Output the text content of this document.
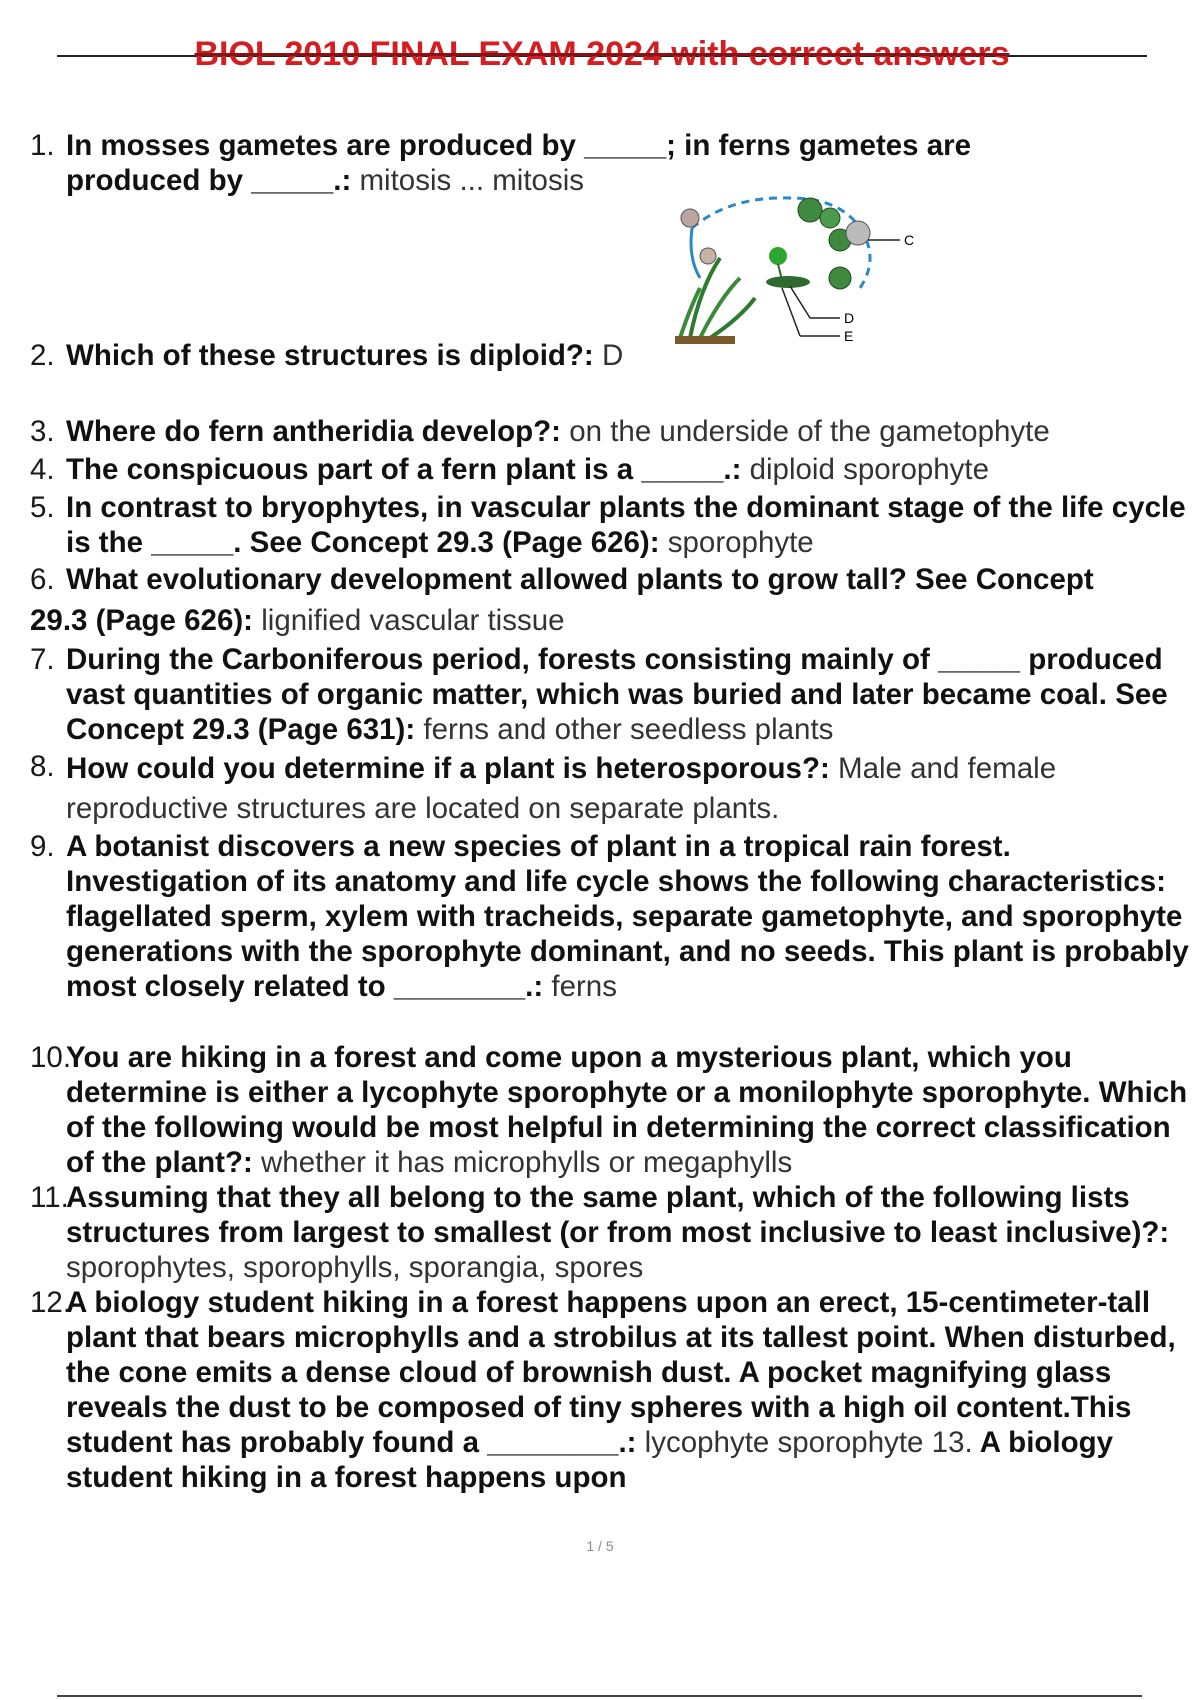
BIOL 2010 FINAL EXAM 2024 with correct answers
1. In mosses gametes are produced by _____; in ferns gametes are produced by _____.: mitosis ... mitosis
2. Which of these structures is diploid?: D
C
D
E
3. Where do fern antheridia develop?: on the underside of the gametophyte
4. The conspicuous part of a fern plant is a _____.: diploid sporophyte
5. In contrast to bryophytes, in vascular plants the dominant stage of the life cycle is the _____. See Concept 29.3 (Page 626): sporophyte
6. What evolutionary development allowed plants to grow tall? See Concept
29.3 (Page 626): lignified vascular tissue
7. During the Carboniferous period, forests consisting mainly of _____ produced vast quantities of organic matter, which was buried and later became coal. See Concept 29.3 (Page 631): ferns and other seedless plants
8. How could you determine if a plant is heterosporous?: Male and female reproductive structures are located on separate plants.
9. A botanist discovers a new species of plant in a tropical rain forest. Investigation of its anatomy and life cycle shows the following characteristics: flagellated sperm, xylem with tracheids, separate gametophyte, and sporophyte generations with the sporophyte dominant, and no seeds. This plant is probably most closely related to ________.: ferns
10.
You are hiking in a forest and come upon a mysterious plant, which you determine is either a lycophyte sporophyte or a monilophyte sporophyte. Which of the following would be most helpful in determining the correct classification of the plant?: whether it has microphylls or megaphylls
11.
Assuming that they all belong to the same plant, which of the following lists structures from largest to smallest (or from most inclusive to least inclusive)?: sporophytes, sporophylls, sporangia, spores
12.
A biology student hiking in a forest happens upon an erect, 15-centimeter-tall plant that bears microphylls and a strobilus at its tallest point. When disturbed, the cone emits a dense cloud of brownish dust. A pocket magnifying glass reveals the dust to be composed of tiny spheres with a high oil content.This student has probably found a ________.: lycophyte sporophyte 13. A biology student hiking in a forest happens upon
1 / 5
